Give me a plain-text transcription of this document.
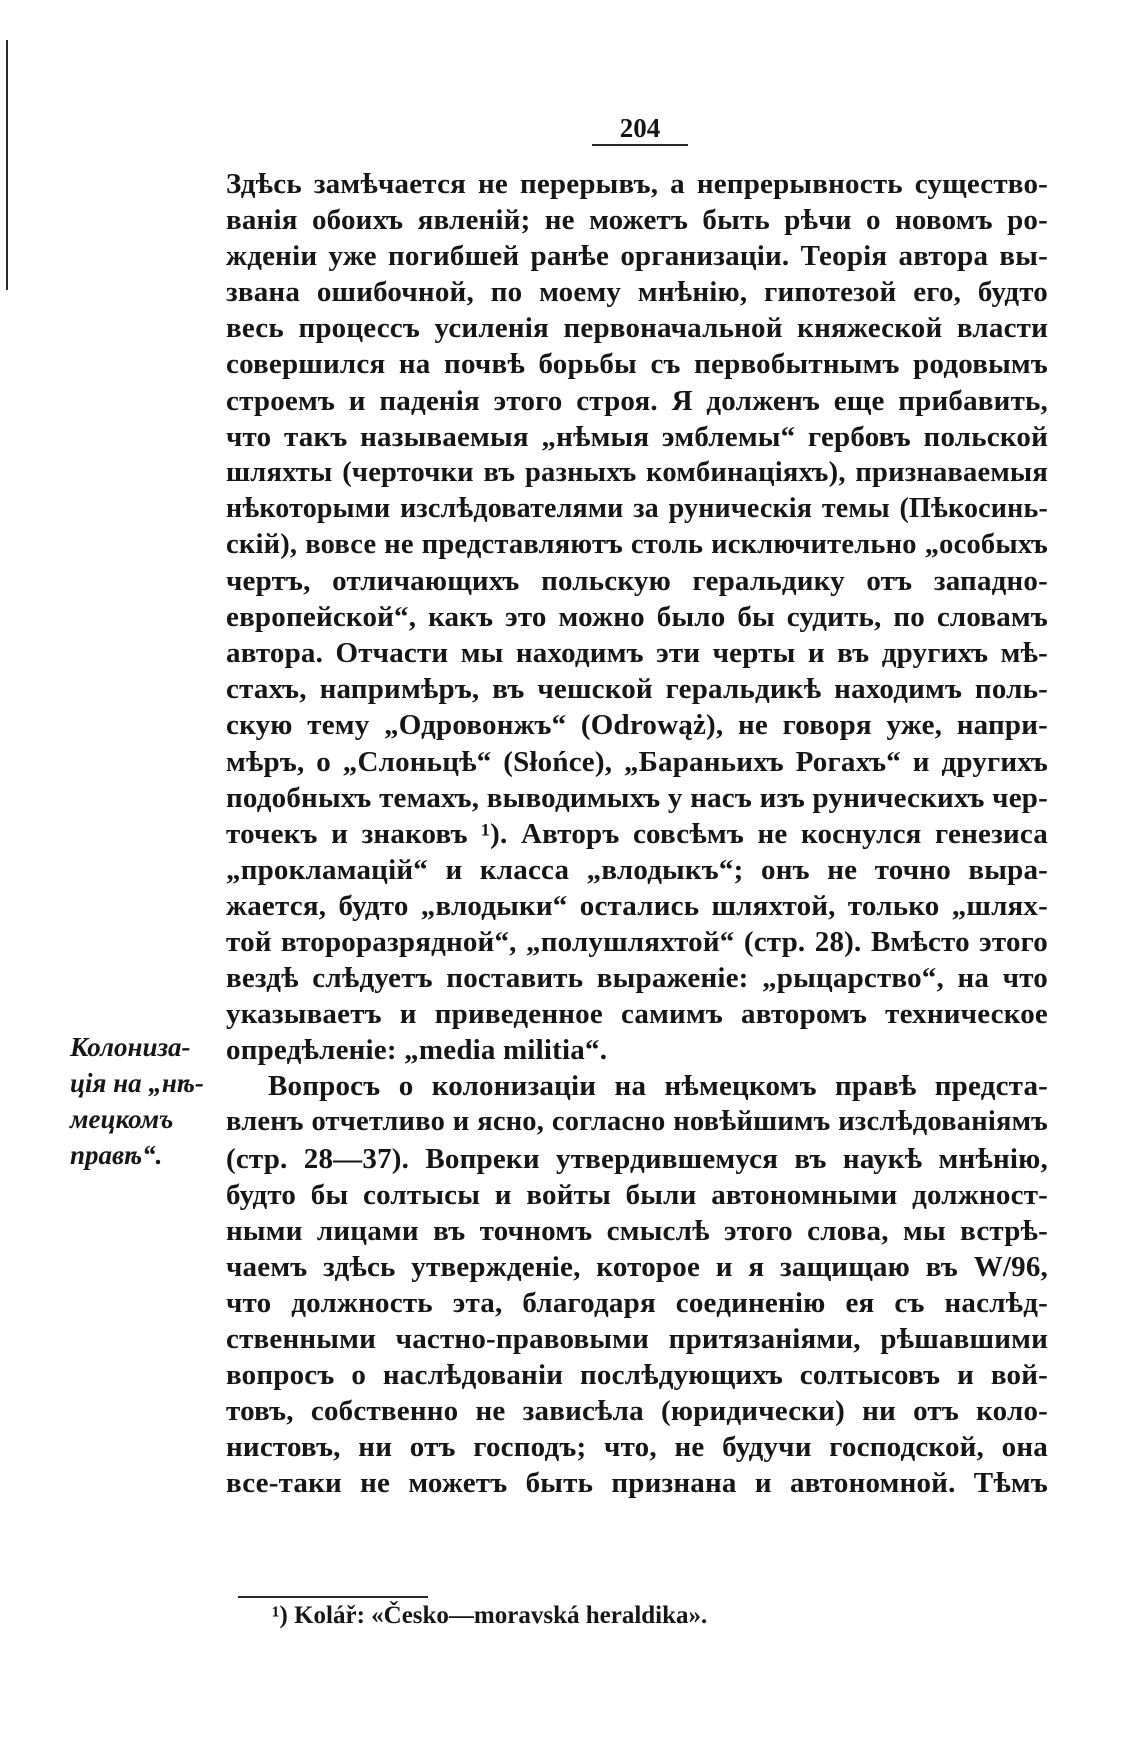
204
Здѣсь замѣчается не перерывъ, а непрерывность существо-
ванія обоихъ явленій; не можетъ быть рѣчи о новомъ ро-
жденіи уже погибшей ранѣе организаціи. Теорія автора вы-
звана ошибочной, по моему мнѣнію, гипотезой его, будто
весь процессъ усиленія первоначальной княжеской власти
совершился на почвѣ борьбы съ первобытнымъ родовымъ
строемъ и паденія этого строя. Я долженъ еще прибавить,
что такъ называемыя „нѣмыя эмблемы“ гербовъ польской
шляхты (черточки въ разныхъ комбинаціяхъ), признаваемыя
нѣкоторыми изслѣдователями за руническія темы (Пѣкосинь-
скій), вовсе не представляютъ столь исключительно „особыхъ
чертъ, отличающихъ польскую геральдику отъ западно-
европейской“, какъ это можно было бы судить, по словамъ
автора. Отчасти мы находимъ эти черты и въ другихъ мѣ-
стахъ, напримѣръ, въ чешской геральдикѣ находимъ поль-
скую тему „Одровонжъ“ (Odrowąż), не говоря уже, напри-
мѣръ, о „Слоньцѣ“ (Słońce), „Бараньихъ Рогахъ“ и другихъ
подобныхъ темахъ, выводимыхъ у насъ изъ руническихъ чер-
точекъ и знаковъ ¹). Авторъ совсѣмъ не коснулся генезиса
„прокламацій“ и класса „влодыкъ“; онъ не точно выра-
жается, будто „влодыки“ остались шляхтой, только „шлях-
той второразрядной“, „полушляхтой“ (стр. 28). Вмѣсто этого
вездѣ слѣдуетъ поставить выраженіе: „рыцарство“, на что
указываетъ и приведенное самимъ авторомъ техническое
опредѣленіе: „media militia“.
Вопросъ о колонизаціи на нѣмецкомъ правѣ предста-
вленъ отчетливо и ясно, согласно новѣйшимъ изслѣдованіямъ
(стр. 28—37). Вопреки утвердившемуся въ наукѣ мнѣнію,
будто бы солтысы и войты были автономными должност-
ными лицами въ точномъ смыслѣ этого слова, мы встрѣ-
чаемъ здѣсь утвержденіе, которое и я защищаю въ W/96,
что должность эта, благодаря соединенію ея съ наслѣд-
ственными частно-правовыми притязаніями, рѣшавшими
вопросъ о наслѣдованіи послѣдующихъ солтысовъ и вой-
товъ, собственно не зависѣла (юридически) ни отъ коло-
нистовъ, ни отъ господъ; что, не будучи господской, она
все-таки не можетъ быть признана и автономной. Тѣмъ
Колониза-
ція на „нѣ-
мецкомъ
правѣ“.
¹) Kolář: «Česko—moravská heraldika».
